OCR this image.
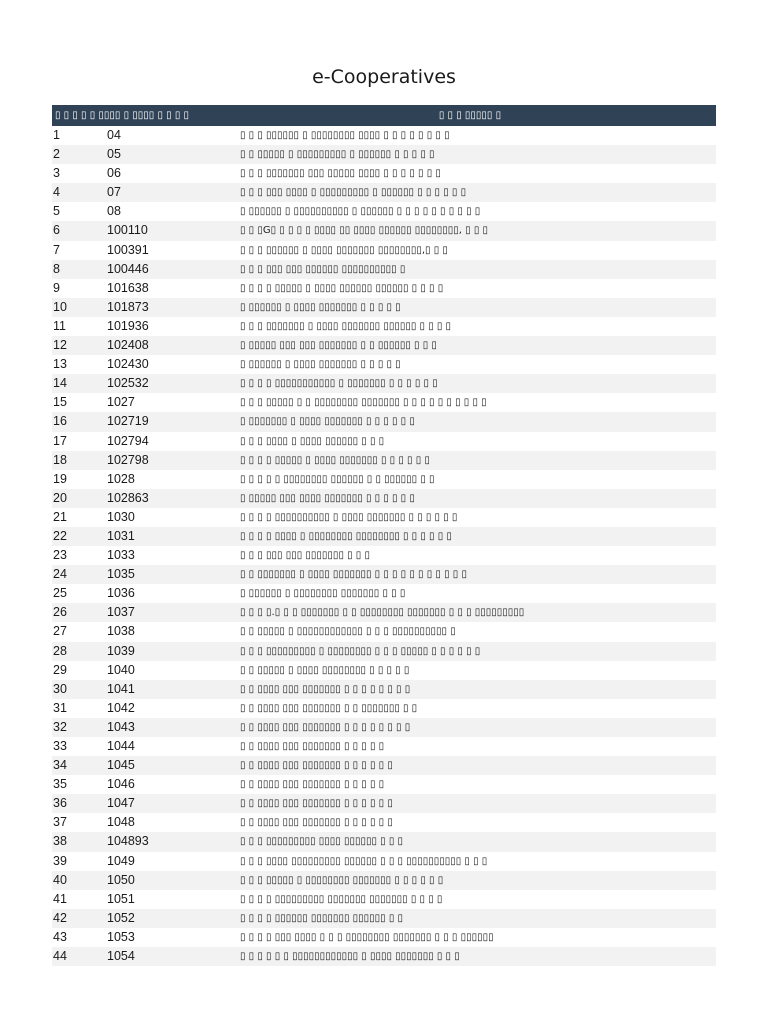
e-Cooperatives
▯ ▯ ▯ ▯ ▯ ▯▯▯▯ ▯ ▯▯▯▯ ▯ ▯ ▯ ▯		▯ ▯ ▯ ▯▯▯▯▯ ▯
1	04	▯ ▯ ▯ ▯▯▯▯▯▯ ▯ ▯▯▯▯▯▯▯▯ ▯▯▯▯ ▯ ▯ ▯ ▯ ▯ ▯ ▯ ▯
2	05	▯ ▯ ▯▯▯▯▯ ▯ ▯▯▯▯▯▯▯▯▯ ▯ ▯▯▯▯▯▯ ▯ ▯ ▯ ▯ ▯
3	06	▯ ▯ ▯ ▯▯▯▯▯▯▯ ▯▯▯ ▯▯▯▯▯ ▯▯▯▯ ▯ ▯ ▯ ▯ ▯ ▯ ▯
4	07	▯ ▯ ▯ ▯▯▯ ▯▯▯▯ ▯ ▯▯▯▯▯▯▯▯▯ ▯ ▯▯▯▯▯▯ ▯ ▯ ▯ ▯ ▯ ▯
5	08	▯ ▯▯▯▯▯▯ ▯ ▯▯▯▯▯▯▯▯▯▯ ▯ ▯▯▯▯▯▯ ▯ ▯ ▯ ▯ ▯ ▯ ▯ ▯ ▯ ▯
6	100110	▯ ▯ ▯G▯ ▯ ▯ ▯ ▯ ▯▯▯▯ ▯▯ ▯▯▯▯ ▯▯▯▯▯▯ ▯▯▯▯▯▯▯▯, ▯ ▯ ▯
7	100391	▯ ▯ ▯ ▯▯▯▯▯▯ ▯ ▯▯▯▯ ▯▯▯▯▯▯▯ ▯▯▯▯▯▯▯▯,▯ ▯ ▯
8	100446	▯ ▯ ▯ ▯▯▯ ▯▯▯ ▯▯▯▯▯▯ ▯▯▯▯▯▯▯▯▯▯ ▯
9	101638	▯ ▯ ▯ ▯ ▯▯▯▯▯ ▯ ▯▯▯▯ ▯▯▯▯▯▯ ▯▯▯▯▯▯ ▯ ▯ ▯ ▯
10	101873	▯ ▯▯▯▯▯▯ ▯ ▯▯▯▯ ▯▯▯▯▯▯▯ ▯ ▯ ▯ ▯ ▯
11	101936	▯ ▯ ▯ ▯▯▯▯▯▯▯ ▯ ▯▯▯▯ ▯▯▯▯▯▯▯ ▯▯▯▯▯▯ ▯ ▯ ▯ ▯
12	102408	▯ ▯▯▯▯▯ ▯▯▯ ▯▯▯ ▯▯▯▯▯▯▯ ▯ ▯ ▯▯▯▯▯▯ ▯ ▯ ▯
13	102430	▯ ▯▯▯▯▯▯ ▯ ▯▯▯▯ ▯▯▯▯▯▯▯ ▯ ▯ ▯ ▯ ▯
14	102532	▯ ▯ ▯ ▯ ▯▯▯▯▯▯▯▯▯▯▯ ▯ ▯▯▯▯▯▯▯ ▯ ▯ ▯ ▯ ▯ ▯
15	1027	▯ ▯ ▯ ▯▯▯▯▯ ▯ ▯ ▯▯▯▯▯▯▯▯ ▯▯▯▯▯▯▯ ▯ ▯ ▯ ▯ ▯ ▯ ▯ ▯ ▯ ▯
16	102719	▯ ▯▯▯▯▯▯▯ ▯ ▯▯▯▯ ▯▯▯▯▯▯▯ ▯ ▯ ▯ ▯ ▯ ▯
17	102794	▯ ▯ ▯ ▯▯▯▯ ▯ ▯▯▯▯ ▯▯▯▯▯▯ ▯ ▯ ▯
18	102798	▯ ▯ ▯ ▯ ▯▯▯▯▯ ▯ ▯▯▯▯ ▯▯▯▯▯▯▯ ▯ ▯ ▯ ▯ ▯ ▯
19	1028	▯ ▯ ▯ ▯ ▯ ▯▯▯▯▯▯▯▯ ▯▯▯▯▯▯ ▯ ▯ ▯▯▯▯▯▯ ▯ ▯
20	102863	▯ ▯▯▯▯▯ ▯▯▯ ▯▯▯▯ ▯▯▯▯▯▯▯ ▯ ▯ ▯ ▯ ▯ ▯
21	1030	▯ ▯ ▯ ▯ ▯▯▯▯▯▯▯▯▯▯ ▯ ▯▯▯▯ ▯▯▯▯▯▯▯ ▯ ▯ ▯ ▯ ▯ ▯
22	1031	▯ ▯ ▯ ▯ ▯▯▯▯ ▯ ▯▯▯▯▯▯▯▯ ▯▯▯▯▯▯▯▯ ▯ ▯ ▯ ▯ ▯ ▯
23	1033	▯ ▯ ▯ ▯▯▯ ▯▯▯ ▯▯▯▯▯▯▯ ▯ ▯ ▯
24	1035	▯ ▯ ▯▯▯▯▯▯▯ ▯ ▯▯▯▯ ▯▯▯▯▯▯▯ ▯ ▯ ▯ ▯ ▯ ▯ ▯ ▯ ▯ ▯ ▯
25	1036	▯ ▯▯▯▯▯▯ ▯ ▯▯▯▯▯▯▯▯ ▯▯▯▯▯▯▯ ▯ ▯ ▯
26	1037	▯ ▯ ▯ ▯.▯ ▯ ▯ ▯▯▯▯▯▯▯ ▯ ▯ ▯▯▯▯▯▯▯▯ ▯▯▯▯▯▯▯ ▯ ▯ ▯ ▯▯▯▯▯▯▯▯▯
27	1038	▯ ▯ ▯▯▯▯▯ ▯ ▯▯▯▯▯▯▯▯▯▯▯▯ ▯ ▯ ▯ ▯▯▯▯▯▯▯▯▯▯ ▯
28	1039	▯ ▯ ▯ ▯▯▯▯▯▯▯▯▯ ▯ ▯▯▯▯▯▯▯▯ ▯ ▯ ▯ ▯▯▯▯▯ ▯ ▯ ▯ ▯ ▯ ▯
29	1040	▯ ▯ ▯▯▯▯▯ ▯ ▯▯▯▯ ▯▯▯▯▯▯▯▯ ▯ ▯ ▯ ▯ ▯
30	1041	▯ ▯ ▯▯▯▯ ▯▯▯ ▯▯▯▯▯▯▯ ▯ ▯ ▯ ▯ ▯ ▯ ▯ ▯
31	1042	▯ ▯ ▯▯▯▯ ▯▯▯ ▯▯▯▯▯▯▯ ▯ ▯ ▯▯▯▯▯▯▯ ▯ ▯
32	1043	▯ ▯ ▯▯▯▯ ▯▯▯ ▯▯▯▯▯▯▯ ▯ ▯ ▯ ▯ ▯ ▯ ▯ ▯
33	1044	▯ ▯ ▯▯▯▯ ▯▯▯ ▯▯▯▯▯▯▯ ▯ ▯ ▯ ▯ ▯
34	1045	▯ ▯ ▯▯▯▯ ▯▯▯ ▯▯▯▯▯▯▯ ▯ ▯ ▯ ▯ ▯ ▯
35	1046	▯ ▯ ▯▯▯▯ ▯▯▯ ▯▯▯▯▯▯▯ ▯ ▯ ▯ ▯ ▯
36	1047	▯ ▯ ▯▯▯▯ ▯▯▯ ▯▯▯▯▯▯▯ ▯ ▯ ▯ ▯ ▯ ▯
37	1048	▯ ▯ ▯▯▯▯ ▯▯▯ ▯▯▯▯▯▯▯ ▯ ▯ ▯ ▯ ▯ ▯
38	104893	▯ ▯ ▯ ▯▯▯▯▯▯▯▯▯ ▯▯▯▯ ▯▯▯▯▯▯ ▯ ▯ ▯
39	1049	▯ ▯ ▯ ▯▯▯▯ ▯▯▯▯▯▯▯▯▯ ▯▯▯▯▯▯ ▯ ▯ ▯ ▯▯▯▯▯▯▯▯▯▯ ▯ ▯ ▯
40	1050	▯ ▯ ▯ ▯▯▯▯▯ ▯ ▯▯▯▯▯▯▯▯ ▯▯▯▯▯▯▯ ▯ ▯ ▯ ▯ ▯ ▯
41	1051	▯ ▯ ▯ ▯ ▯▯▯▯▯▯▯▯▯ ▯▯▯▯▯▯▯ ▯▯▯▯▯▯▯ ▯ ▯ ▯ ▯
42	1052	▯ ▯ ▯ ▯ ▯▯▯▯▯▯ ▯▯▯▯▯▯▯ ▯▯▯▯▯▯ ▯ ▯
43	1053	▯ ▯ ▯ ▯ ▯▯▯ ▯▯▯▯ ▯ ▯ ▯ ▯▯▯▯▯▯▯▯ ▯▯▯▯▯▯▯ ▯ ▯ ▯ ▯▯▯▯▯▯
44	1054	▯ ▯ ▯ ▯ ▯ ▯ ▯▯▯▯▯▯▯▯▯▯▯▯ ▯ ▯▯▯▯ ▯▯▯▯▯▯▯ ▯ ▯ ▯
